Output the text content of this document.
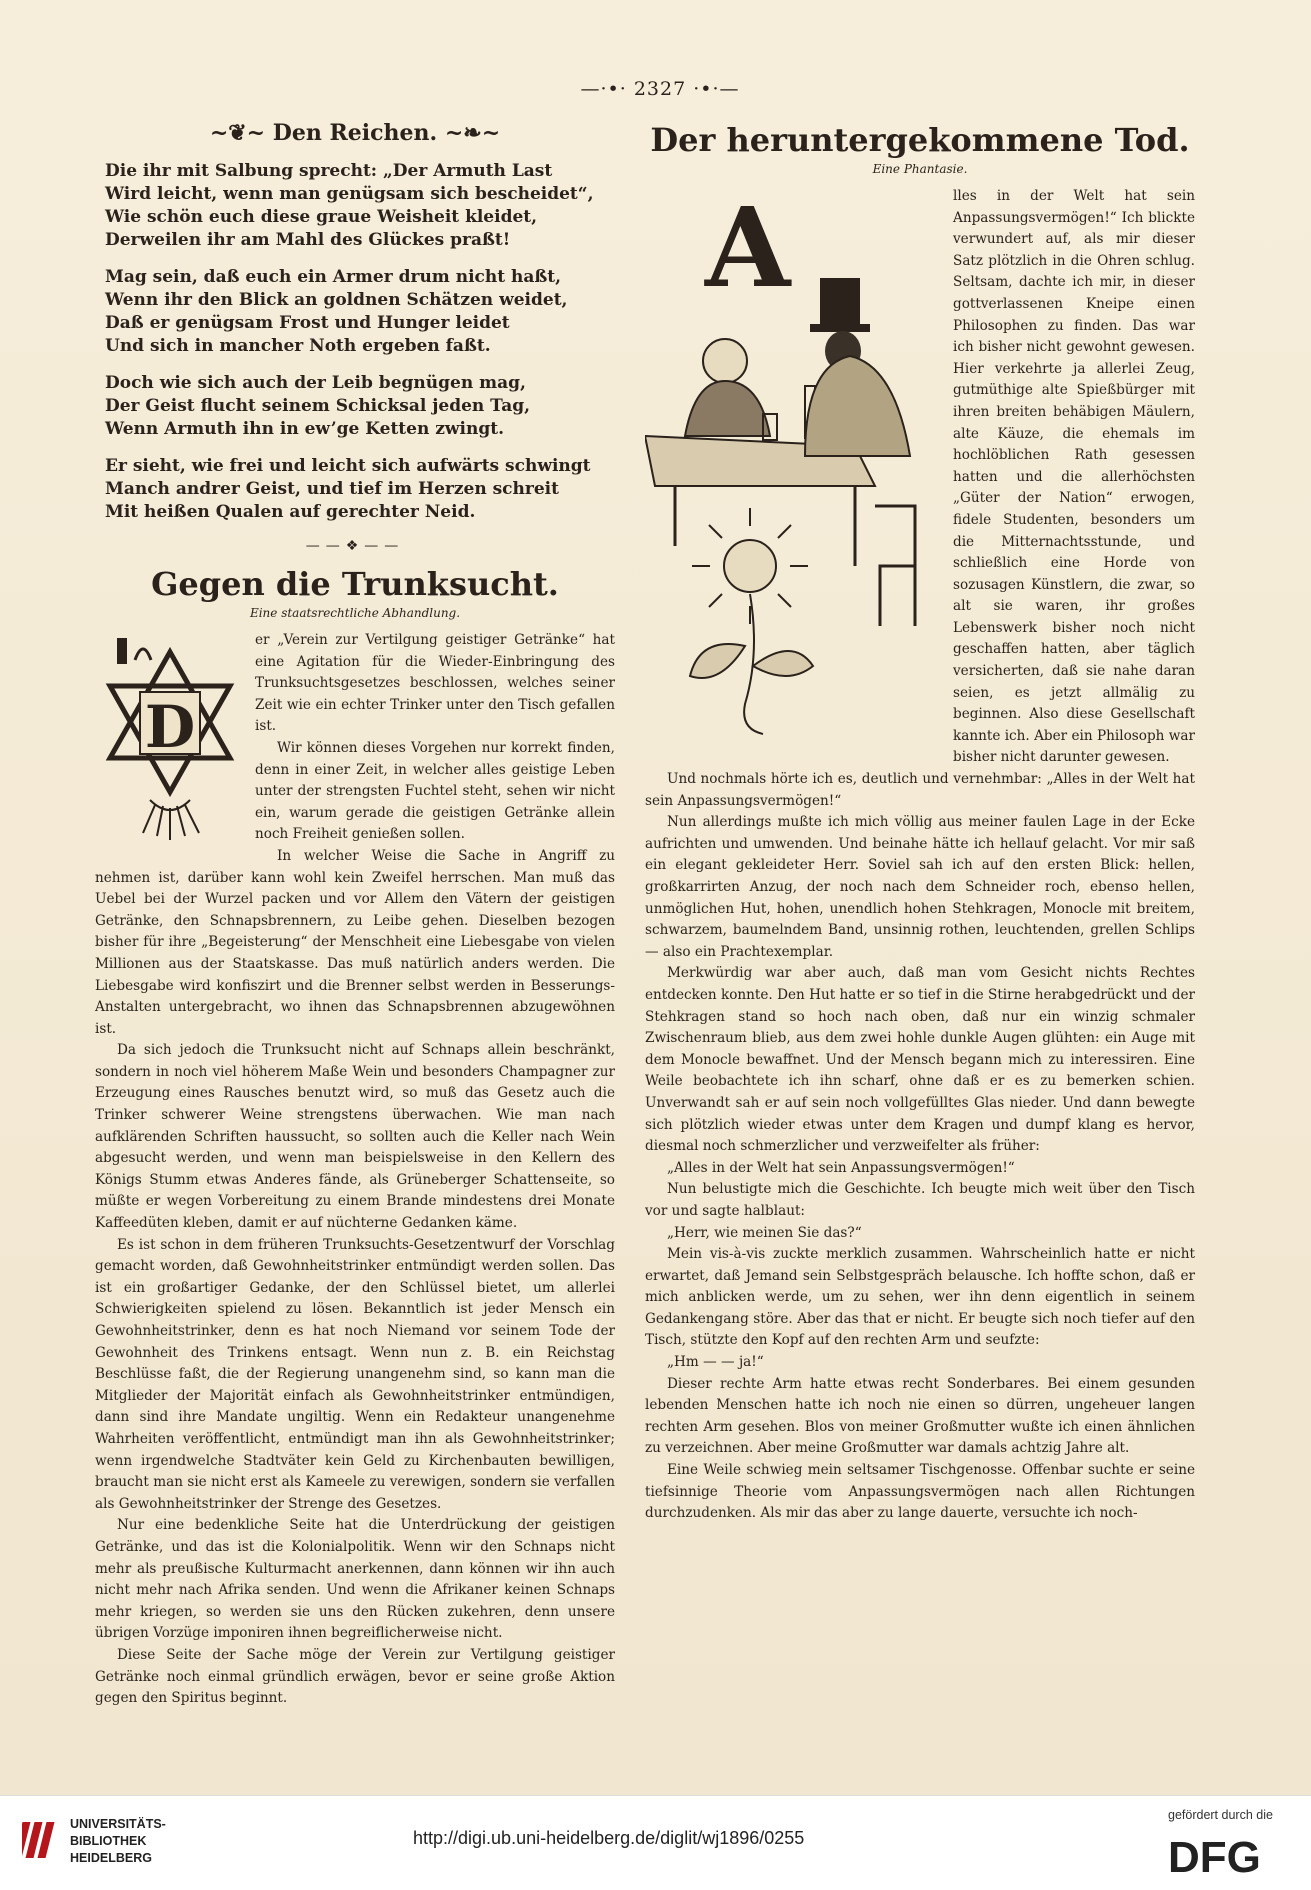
—·•· 2327 ·•·—
~❦~ Den Reichen. ~❧~
Die ihr mit Salbung sprecht: „Der Armuth Last
Wird leicht, wenn man genügsam sich bescheidet“,
Wie schön euch diese graue Weisheit kleidet,
Derweilen ihr am Mahl des Glückes praßt!
Mag sein, daß euch ein Armer drum nicht haßt,
Wenn ihr den Blick an goldnen Schätzen weidet,
Daß er genügsam Frost und Hunger leidet
Und sich in mancher Noth ergeben faßt.
Doch wie sich auch der Leib begnügen mag,
Der Geist flucht seinem Schicksal jeden Tag,
Wenn Armuth ihn in ew’ge Ketten zwingt.
Er sieht, wie frei und leicht sich aufwärts schwingt
Manch andrer Geist, und tief im Herzen schreit
Mit heißen Qualen auf gerechter Neid.
——❖——
Gegen die Trunksucht.
Eine staatsrechtliche Abhandlung.
D

er „Verein zur Vertilgung geistiger Getränke“ hat eine Agitation für die Wieder-Einbringung des Trunksuchtsgesetzes beschlossen, welches seiner Zeit wie ein echter Trinker unter den Tisch gefallen ist.

Wir können dieses Vorgehen nur korrekt finden, denn in einer Zeit, in welcher alles geistige Leben unter der strengsten Fuchtel steht, sehen wir nicht ein, warum gerade die geistigen Getränke allein noch Freiheit genießen sollen.

In welcher Weise die Sache in Angriff zu nehmen ist, darüber kann wohl kein Zweifel herrschen. Man muß das Uebel bei der Wurzel packen und vor Allem den Vätern der geistigen Getränke, den Schnapsbrennern, zu Leibe gehen. Dieselben bezogen bisher für ihre „Begeisterung“ der Menschheit eine Liebesgabe von vielen Millionen aus der Staatskasse. Das muß natürlich anders werden. Die Liebesgabe wird konfiszirt und die Brenner selbst werden in Besserungs-Anstalten untergebracht, wo ihnen das Schnapsbrennen abzugewöhnen ist.

Da sich jedoch die Trunksucht nicht auf Schnaps allein beschränkt, sondern in noch viel höherem Maße Wein und besonders Champagner zur Erzeugung eines Rausches benutzt wird, so muß das Gesetz auch die Trinker schwerer Weine strengstens überwachen. Wie man nach aufklärenden Schriften haussucht, so sollten auch die Keller nach Wein abgesucht werden, und wenn man beispielsweise in den Kellern des Königs Stumm etwas Anderes fände, als Grüneberger Schattenseite, so müßte er wegen Vorbereitung zu einem Brande mindestens drei Monate Kaffeedüten kleben, damit er auf nüchterne Gedanken käme.

Es ist schon in dem früheren Trunksuchts-Gesetzentwurf der Vorschlag gemacht worden, daß Gewohnheitstrinker entmündigt werden sollen. Das ist ein großartiger Gedanke, der den Schlüssel bietet, um allerlei Schwierigkeiten spielend zu lösen. Bekanntlich ist jeder Mensch ein Gewohnheitstrinker, denn es hat noch Niemand vor seinem Tode der Gewohnheit des Trinkens entsagt. Wenn nun z. B. ein Reichstag Beschlüsse faßt, die der Regierung unangenehm sind, so kann man die Mitglieder der Majorität einfach als Gewohnheitstrinker entmündigen, dann sind ihre Mandate ungiltig. Wenn ein Redakteur unangenehme Wahrheiten veröffentlicht, entmündigt man ihn als Gewohnheitstrinker; wenn irgendwelche Stadtväter kein Geld zu Kirchenbauten bewilligen, braucht man sie nicht erst als Kameele zu verewigen, sondern sie verfallen als Gewohnheitstrinker der Strenge des Gesetzes.

Nur eine bedenkliche Seite hat die Unterdrückung der geistigen Getränke, und das ist die Kolonialpolitik. Wenn wir den Schnaps nicht mehr als preußische Kulturmacht anerkennen, dann können wir ihn auch nicht mehr nach Afrika senden. Und wenn die Afrikaner keinen Schnaps mehr kriegen, so werden sie uns den Rücken zukehren, denn unsere übrigen Vorzüge imponiren ihnen begreiflicherweise nicht.

Diese Seite der Sache möge der Verein zur Vertilgung geistiger Getränke noch einmal gründlich erwägen, bevor er seine große Aktion gegen den Spiritus beginnt.

Der heruntergekommene Tod.
Eine Phantasie.
A	lles in der Welt hat sein Anpassungsvermögen!“ Ich blickte verwundert auf, als mir dieser Satz plötzlich in die Ohren schlug. Seltsam, dachte ich mir, in dieser gottverlassenen Kneipe einen Philosophen zu finden. Das war ich bisher nicht gewohnt gewesen. Hier verkehrte ja allerlei Zeug, gutmüthige alte Spießbürger mit ihren breiten behäbigen Mäulern, alte Käuze, die ehemals im hochlöblichen Rath gesessen hatten und die allerhöchsten „Güter der Nation“ erwogen, fidele Studenten, besonders um die Mitternachtsstunde, und schließlich eine Horde von sozusagen Künstlern, die zwar, so alt sie waren, ihr großes Lebenswerk bisher noch nicht geschaffen hatten, aber täglich versicherten, daß sie nahe daran seien, es jetzt allmälig zu beginnen. Also diese Gesellschaft kannte ich. Aber ein Philosoph war bisher nicht darunter gewesen.

Und nochmals hörte ich es, deutlich und vernehmbar: „Alles in der Welt hat sein Anpassungsvermögen!“

Nun allerdings mußte ich mich völlig aus meiner faulen Lage in der Ecke aufrichten und umwenden. Und beinahe hätte ich hellauf gelacht. Vor mir saß ein elegant gekleideter Herr. Soviel sah ich auf den ersten Blick: hellen, großkarrirten Anzug, der noch nach dem Schneider roch, ebenso hellen, unmöglichen Hut, hohen, unendlich hohen Stehkragen, Monocle mit breitem, schwarzem, baumelndem Band, unsinnig rothen, leuchtenden, grellen Schlips — also ein Prachtexemplar.

Merkwürdig war aber auch, daß man vom Gesicht nichts Rechtes entdecken konnte. Den Hut hatte er so tief in die Stirne herabgedrückt und der Stehkragen stand so hoch nach oben, daß nur ein winzig schmaler Zwischenraum blieb, aus dem zwei hohle dunkle Augen glühten: ein Auge mit dem Monocle bewaffnet. Und der Mensch begann mich zu interessiren. Eine Weile beobachtete ich ihn scharf, ohne daß er es zu bemerken schien. Unverwandt sah er auf sein noch vollgefülltes Glas nieder. Und dann bewegte sich plötzlich wieder etwas unter dem Kragen und dumpf klang es hervor, diesmal noch schmerzlicher und verzweifelter als früher:

„Alles in der Welt hat sein Anpassungsvermögen!“

Nun belustigte mich die Geschichte. Ich beugte mich weit über den Tisch vor und sagte halblaut:

„Herr, wie meinen Sie das?“

Mein vis-à-vis zuckte merklich zusammen. Wahrscheinlich hatte er nicht erwartet, daß Jemand sein Selbstgespräch belausche. Ich hoffte schon, daß er mich anblicken werde, um zu sehen, wer ihn denn eigentlich in seinem Gedankengang störe. Aber das that er nicht. Er beugte sich noch tiefer auf den Tisch, stützte den Kopf auf den rechten Arm und seufzte:

„Hm — — ja!“

Dieser rechte Arm hatte etwas recht Sonderbares. Bei einem gesunden lebenden Menschen hatte ich noch nie einen so dürren, ungeheuer langen rechten Arm gesehen. Blos von meiner Großmutter wußte ich einen ähnlichen zu verzeichnen. Aber meine Großmutter war damals achtzig Jahre alt.

Eine Weile schwieg mein seltsamer Tischgenosse. Offenbar suchte er seine tiefsinnige Theorie vom Anpassungsvermögen nach allen Richtungen durchzudenken. Als mir das aber zu lange dauerte, versuchte ich noch-

UNIVERSITÄTS-
BIBLIOTHEK
HEIDELBERG
http://digi.ub.uni-heidelberg.de/diglit/wj1896/0255
gefördert durch die
DFG
